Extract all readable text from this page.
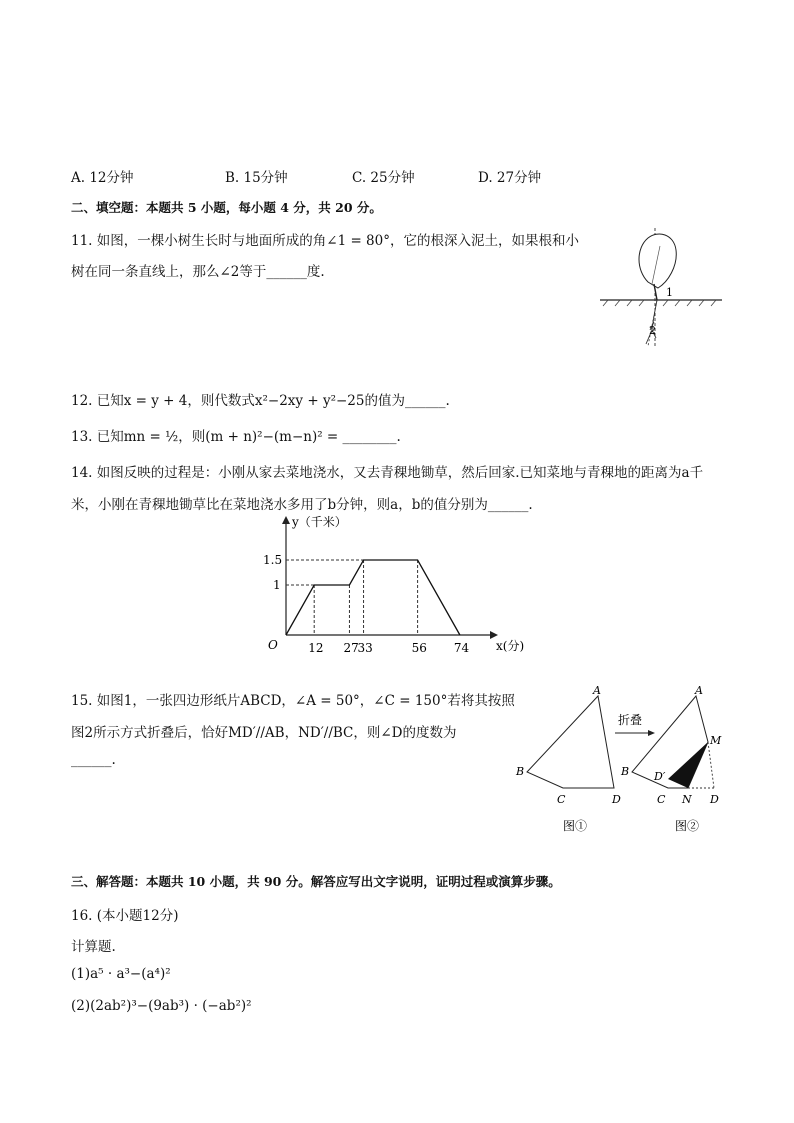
A. 12分钟	B. 15分钟	C. 25分钟	D. 27分钟
二、填空题：本题共 5 小题，每小题 4 分，共 20 分。
11. 如图，一棵小树生长时与地面所成的角∠1 = 80°，它的根深入泥土，如果根和小
树在同一条直线上，那么∠2等于______度.
1
2
12. 已知x = y + 4，则代数式x²−2xy + y²−25的值为______.
13. 已知mn = ½，则(m + n)²−(m−n)² = ________.
14. 如图反映的过程是：小刚从家去菜地浇水，又去青稞地锄草，然后回家.已知菜地与青稞地的距离为a千
米，小刚在青稞地锄草比在菜地浇水多用了b分钟，则a，b的值分别为______.
y（千米）
x(分)
O	12 27
33	56 74
1.5
1
15. 如图1，一张四边形纸片ABCD，∠A = 50°，∠C = 150°若将其按照
图2所示方式折叠后，恰好MD′//AB，ND′//BC，则∠D的度数为
______.
A
B
C	D
图①
折叠
A
B
C N D
M
D′
图②
三、解答题：本题共 10 小题，共 90 分。解答应写出文字说明，证明过程或演算步骤。
16. (本小题12分)
计算题.
(1)a⁵ · a³−(a⁴)²
(2)(2ab²)³−(9ab³) · (−ab²)²
